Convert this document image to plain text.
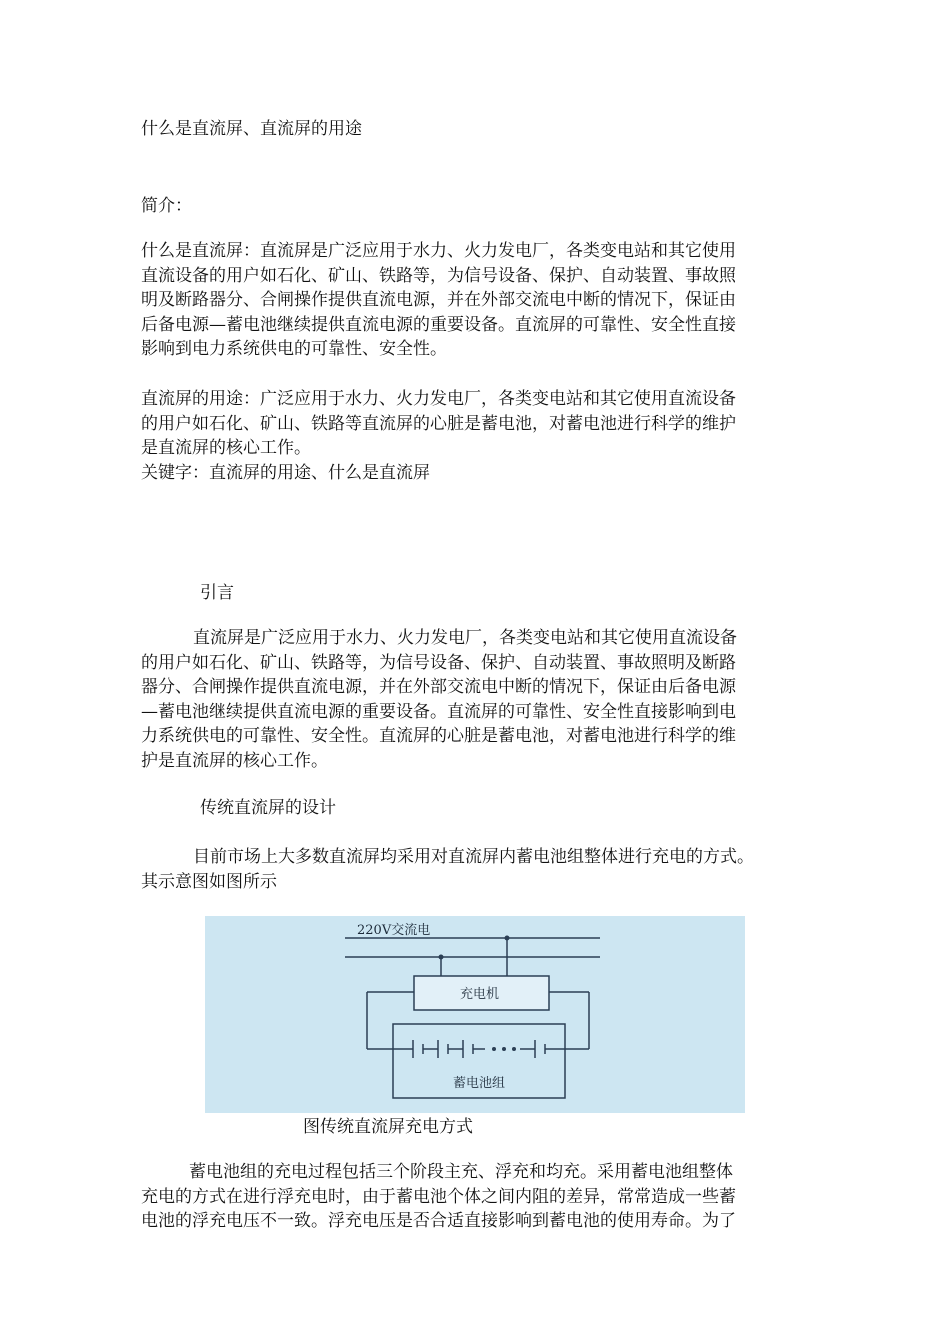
什么是直流屏、直流屏的用途
简介：
什么是直流屏：直流屏是广泛应用于水力、火力发电厂，各类变电站和其它使用
直流设备的用户如石化、矿山、铁路等，为信号设备、保护、自动装置、事故照
明及断路器分、合闸操作提供直流电源，并在外部交流电中断的情况下，保证由
后备电源—蓄电池继续提供直流电源的重要设备。直流屏的可靠性、安全性直接
影响到电力系统供电的可靠性、安全性。
直流屏的用途：广泛应用于水力、火力发电厂，各类变电站和其它使用直流设备
的用户如石化、矿山、铁路等直流屏的心脏是蓄电池，对蓄电池进行科学的维护
是直流屏的核心工作。
关键字：直流屏的用途、什么是直流屏
引言
直流屏是广泛应用于水力、火力发电厂，各类变电站和其它使用直流设备
的用户如石化、矿山、铁路等，为信号设备、保护、自动装置、事故照明及断路
器分、合闸操作提供直流电源，并在外部交流电中断的情况下，保证由后备电源
—蓄电池继续提供直流电源的重要设备。直流屏的可靠性、安全性直接影响到电
力系统供电的可靠性、安全性。直流屏的心脏是蓄电池，对蓄电池进行科学的维
护是直流屏的核心工作。
传统直流屏的设计
目前市场上大多数直流屏均采用对直流屏内蓄电池组整体进行充电的方式。
其示意图如图所示
220V交流电
充电机
蓄电池组
图传统直流屏充电方式
蓄电池组的充电过程包括三个阶段主充、浮充和均充。采用蓄电池组整体
充电的方式在进行浮充电时，由于蓄电池个体之间内阻的差异，常常造成一些蓄
电池的浮充电压不一致。浮充电压是否合适直接影响到蓄电池的使用寿命。为了
